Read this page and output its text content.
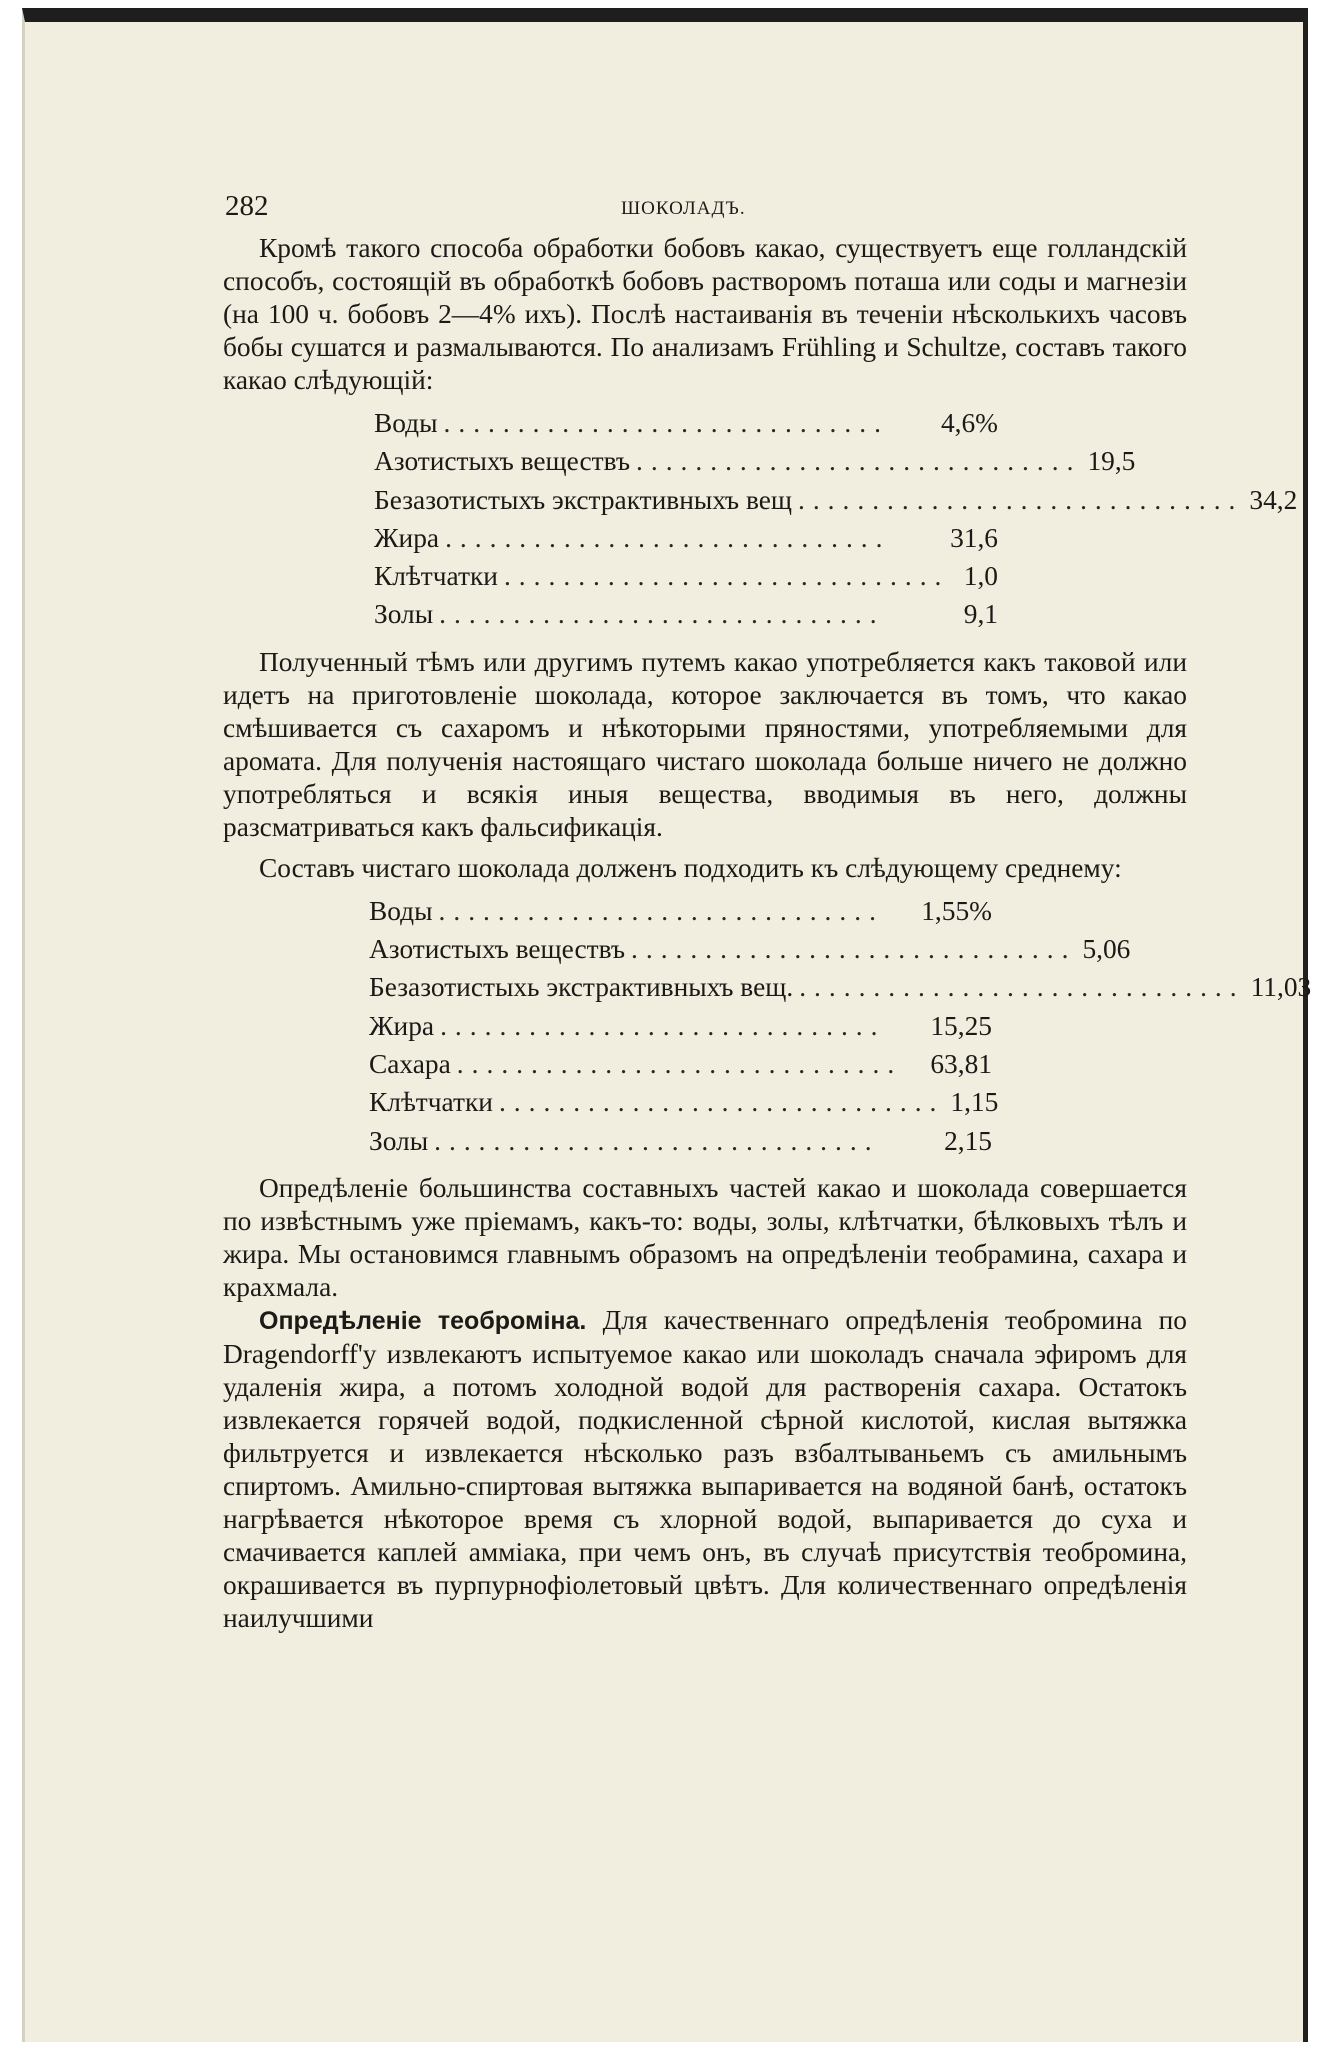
282	ШОКОЛАДЪ.

Кромѣ такого способа обработки бобовъ какао, существуетъ еще голландскій способъ, состоящій въ обработкѣ бобовъ растворомъ поташа или соды и магнезіи (на 100 ч. бобовъ 2—4% ихъ). Послѣ настаиванія въ теченіи нѣсколькихъ часовъ бобы сушатся и размалываются. По анализамъ Frühling и Schultze, составъ такого какао слѣдующій:

Воды ..............................	4,6%
Азотистыхъ веществъ .............................. 19,5
Безазотистыхъ экстрактивныхъ вещ .............................. 34,2
Жира ..............................	31,6
Клѣтчатки .............................. 1,0
Золы ..............................	9,1

Полученный тѣмъ или другимъ путемъ какао употребляется какъ таковой или идетъ на приготовленіе шоколада, которое заключается въ томъ, что какао смѣшивается съ сахаромъ и нѣкоторыми пряностями, употребляемыми для аромата. Для полученія настоящаго чистаго шоколада больше ничего не должно употребляться и всякія иныя вещества, вводимыя въ него, должны разсматриваться какъ фальсификація.

Составъ чистаго шоколада долженъ подходить къ слѣдующему среднему:

Воды ..............................	1,55%
Азотистыхъ веществъ .............................. 5,06
Безазотистыхь экстрактивныхъ вещ. .............................. 11,03
Жира ..............................	15,25
Сахара ..............................	63,81
Клѣтчатки .............................. 1,15
Золы ..............................	2,15

Опредѣленіе большинства составныхъ частей какао и шоколада совершается по извѣстнымъ уже пріемамъ, какъ-то: воды, золы, клѣтчатки, бѣлковыхъ тѣлъ и жира. Мы остановимся главнымъ образомъ на опредѣленіи теобрамина, сахара и крахмала.

Опредѣленіе теоброміна. Для качественнаго опредѣленія теобромина по Dragendorff'у извлекаютъ испытуемое какао или шоколадъ сначала эфиромъ для удаленія жира, а потомъ холодной водой для растворенія сахара. Остатокъ извлекается горячей водой, подкисленной сѣрной кислотой, кислая вытяжка фильтруется и извлекается нѣсколько разъ взбалтываньемъ съ амильнымъ спиртомъ. Амильно-спиртовая вытяжка выпаривается на водяной банѣ, остатокъ нагрѣвается нѣкоторое время съ хлорной водой, выпаривается до суха и смачивается каплей амміака, при чемъ онъ, въ случаѣ присутствія теобромина, окрашивается въ пурпурнофіолетовый цвѣтъ. Для количественнаго опредѣленія наилучшими
